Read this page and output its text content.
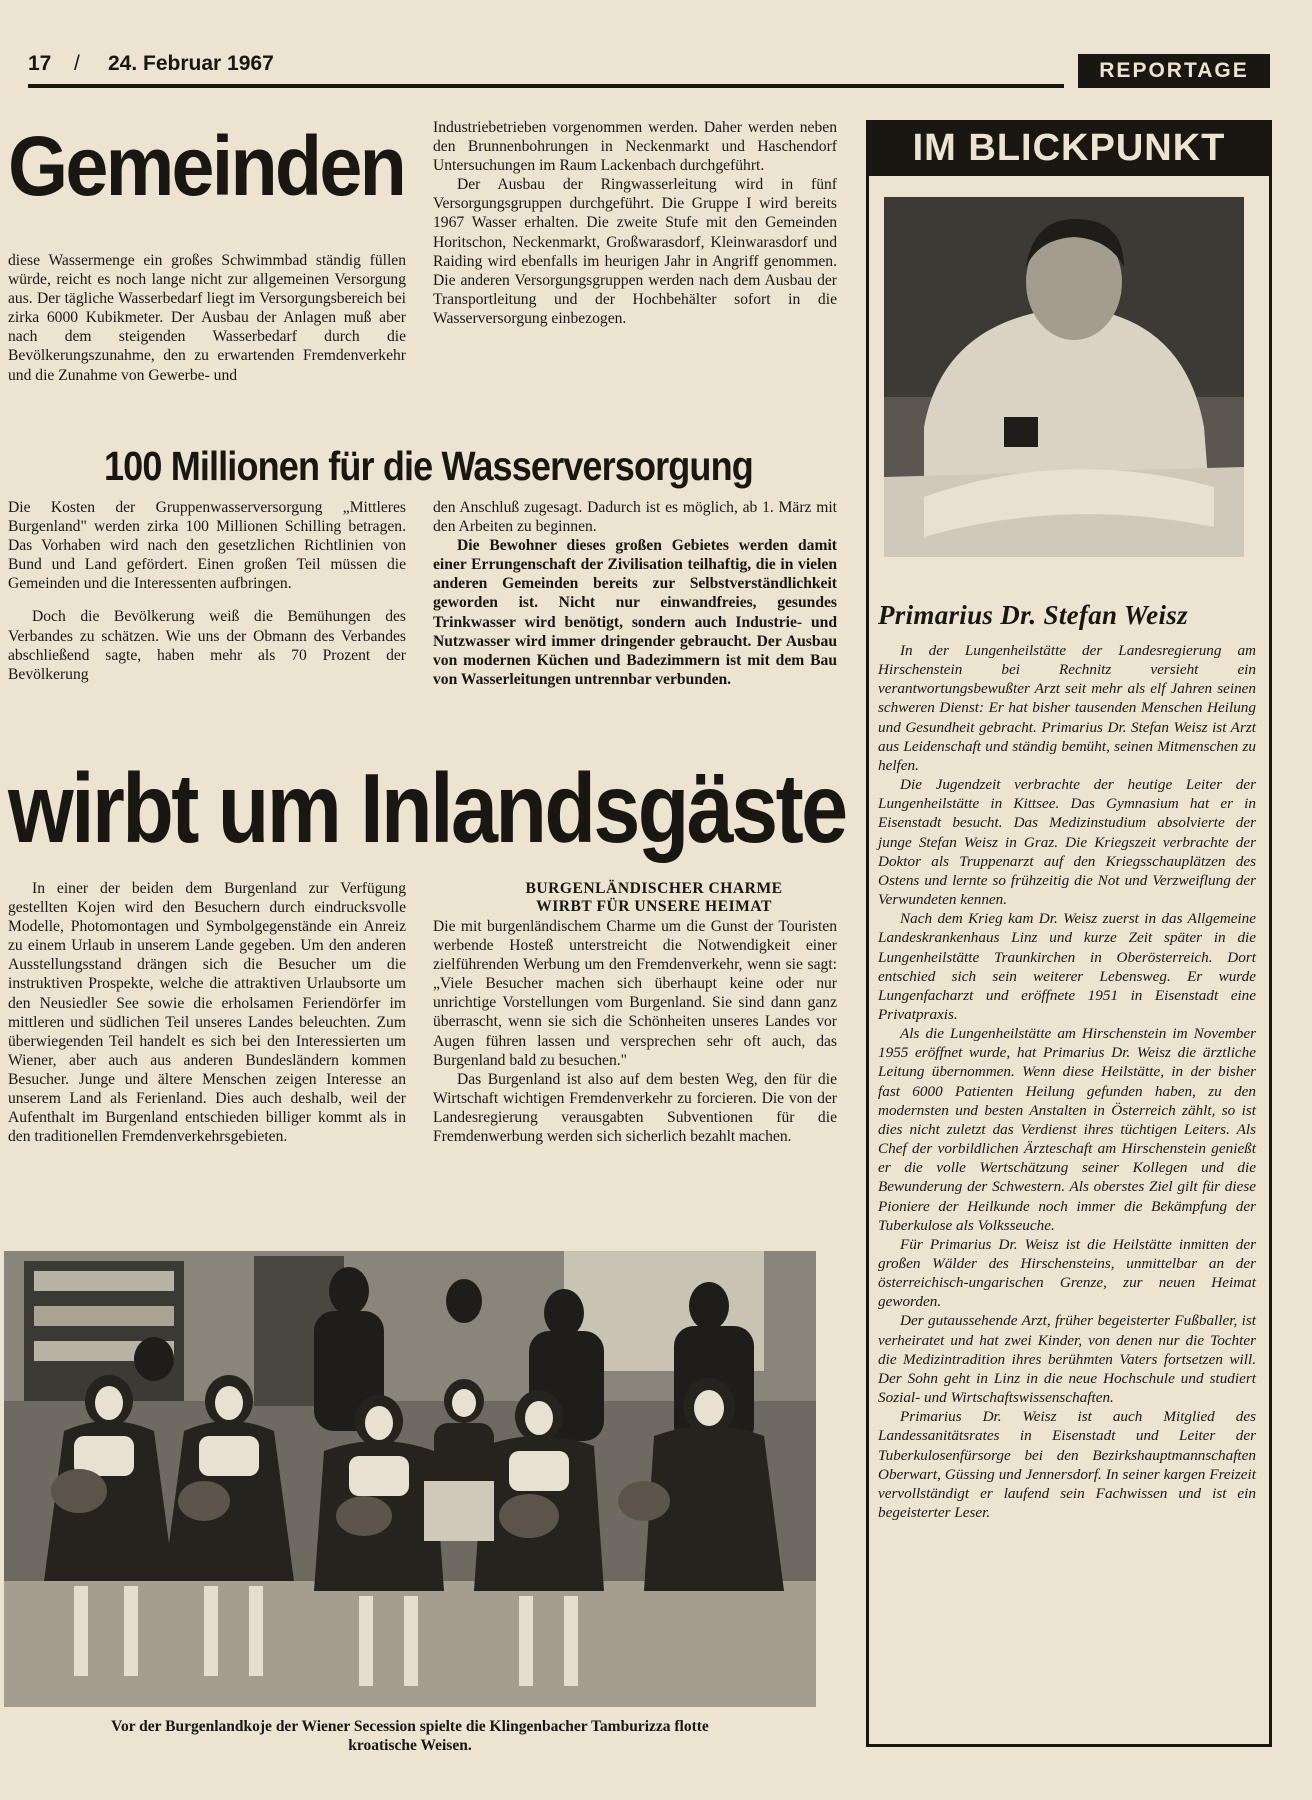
17 / 24. Februar 1967	REPORTAGE
Gemeinden

diese Wassermenge ein großes Schwimmbad ständig füllen würde, reicht es noch lange nicht zur allgemeinen Versorgung aus. Der tägliche Wasserbedarf liegt im Versorgungsbereich bei zirka 6000 Kubikmeter. Der Ausbau der Anlagen muß aber nach dem steigenden Wasserbedarf durch die Bevölkerungszunahme, den zu erwartenden Fremdenverkehr und die Zunahme von Gewerbe- und

Industriebetrieben vorgenommen werden. Daher werden neben den Brunnenbohrungen in Neckenmarkt und Haschendorf Untersuchungen im Raum Lackenbach durchgeführt.

Der Ausbau der Ringwasserleitung wird in fünf Versorgungsgruppen durchgeführt. Die Gruppe I wird bereits 1967 Wasser erhalten. Die zweite Stufe mit den Gemeinden Horitschon, Neckenmarkt, Großwarasdorf, Kleinwarasdorf und Raiding wird ebenfalls im heurigen Jahr in Angriff genommen. Die anderen Versorgungsgruppen werden nach dem Ausbau der Transportleitung und der Hochbehälter sofort in die Wasserversorgung einbezogen.

100 Millionen für die Wasserversorgung

Die Kosten der Gruppenwasserversorgung „Mittleres Burgenland" werden zirka 100 Millionen Schilling betragen. Das Vorhaben wird nach den gesetzlichen Richtlinien von Bund und Land gefördert. Einen großen Teil müssen die Gemeinden und die Interessenten aufbringen.

Doch die Bevölkerung weiß die Bemühungen des Verbandes zu schätzen. Wie uns der Obmann des Verbandes abschließend sagte, haben mehr als 70 Prozent der Bevölkerung

den Anschluß zugesagt. Dadurch ist es möglich, ab 1. März mit den Arbeiten zu beginnen.

Die Bewohner dieses großen Gebietes werden damit einer Errungenschaft der Zivilisation teilhaftig, die in vielen anderen Gemeinden bereits zur Selbstverständlichkeit geworden ist. Nicht nur einwandfreies, gesundes Trinkwasser wird benötigt, sondern auch Industrie- und Nutzwasser wird immer dringender gebraucht. Der Ausbau von modernen Küchen und Badezimmern ist mit dem Bau von Wasserleitungen untrennbar verbunden.

wirbt um Inlandsgäste

In einer der beiden dem Burgenland zur Verfügung gestellten Kojen wird den Besuchern durch eindrucksvolle Modelle, Photomontagen und Symbolgegenstände ein Anreiz zu einem Urlaub in unserem Lande gegeben. Um den anderen Ausstellungsstand drängen sich die Besucher um die instruktiven Prospekte, welche die attraktiven Urlaubsorte um den Neusiedler See sowie die erholsamen Feriendörfer im mittleren und südlichen Teil unseres Landes beleuchten. Zum überwiegenden Teil handelt es sich bei den Interessierten um Wiener, aber auch aus anderen Bundesländern kommen Besucher. Junge und ältere Menschen zeigen Interesse an unserem Land als Ferienland. Dies auch deshalb, weil der Aufenthalt im Burgenland entschieden billiger kommt als in den traditionellen Fremdenverkehrsgebieten.

BURGENLÄNDISCHER CHARME
WIRBT FÜR UNSERE HEIMAT

Die mit burgenländischem Charme um die Gunst der Touristen werbende Hosteß unterstreicht die Notwendigkeit einer zielführenden Werbung um den Fremdenverkehr, wenn sie sagt: „Viele Besucher machen sich überhaupt keine oder nur unrichtige Vorstellungen vom Burgenland. Sie sind dann ganz überrascht, wenn sie sich die Schönheiten unseres Landes vor Augen führen lassen und versprechen sehr oft auch, das Burgenland bald zu besuchen."

Das Burgenland ist also auf dem besten Weg, den für die Wirtschaft wichtigen Fremdenverkehr zu forcieren. Die von der Landesregierung verausgabten Subventionen für die Fremdenwerbung werden sich sicherlich bezahlt machen.

Vor der Burgenlandkoje der Wiener Secession spielte die Klingenbacher Tamburizza flotte
kroatische Weisen.
IM BLICKPUNKT
Primarius Dr. Stefan Weisz

In der Lungenheilstätte der Landesregierung am Hirschenstein bei Rechnitz versieht ein verantwortungsbewußter Arzt seit mehr als elf Jahren seinen schweren Dienst: Er hat bisher tausenden Menschen Heilung und Gesundheit gebracht. Primarius Dr. Stefan Weisz ist Arzt aus Leidenschaft und ständig bemüht, seinen Mitmenschen zu helfen.

Die Jugendzeit verbrachte der heutige Leiter der Lungenheilstätte in Kittsee. Das Gymnasium hat er in Eisenstadt besucht. Das Medizinstudium absolvierte der junge Stefan Weisz in Graz. Die Kriegszeit verbrachte der Doktor als Truppenarzt auf den Kriegsschauplätzen des Ostens und lernte so frühzeitig die Not und Verzweiflung der Verwundeten kennen.

Nach dem Krieg kam Dr. Weisz zuerst in das Allgemeine Landeskrankenhaus Linz und kurze Zeit später in die Lungenheilstätte Traunkirchen in Oberösterreich. Dort entschied sich sein weiterer Lebensweg. Er wurde Lungenfacharzt und eröffnete 1951 in Eisenstadt eine Privatpraxis.

Als die Lungenheilstätte am Hirschenstein im November 1955 eröffnet wurde, hat Primarius Dr. Weisz die ärztliche Leitung übernommen. Wenn diese Heilstätte, in der bisher fast 6000 Patienten Heilung gefunden haben, zu den modernsten und besten Anstalten in Österreich zählt, so ist dies nicht zuletzt das Verdienst ihres tüchtigen Leiters. Als Chef der vorbildlichen Ärzteschaft am Hirschenstein genießt er die volle Wertschätzung seiner Kollegen und die Bewunderung der Schwestern. Als oberstes Ziel gilt für diese Pioniere der Heilkunde noch immer die Bekämpfung der Tuberkulose als Volksseuche.

Für Primarius Dr. Weisz ist die Heilstätte inmitten der großen Wälder des Hirschensteins, unmittelbar an der österreichisch-ungarischen Grenze, zur neuen Heimat geworden.

Der gutaussehende Arzt, früher begeisterter Fußballer, ist verheiratet und hat zwei Kinder, von denen nur die Tochter die Medizintradition ihres berühmten Vaters fortsetzen will. Der Sohn geht in Linz in die neue Hochschule und studiert Sozial- und Wirtschaftswissenschaften.

Primarius Dr. Weisz ist auch Mitglied des Landessanitätsrates in Eisenstadt und Leiter der Tuberkulosenfürsorge bei den Bezirkshauptmannschaften Oberwart, Güssing und Jennersdorf. In seiner kargen Freizeit vervollständigt er laufend sein Fachwissen und ist ein begeisterter Leser.
